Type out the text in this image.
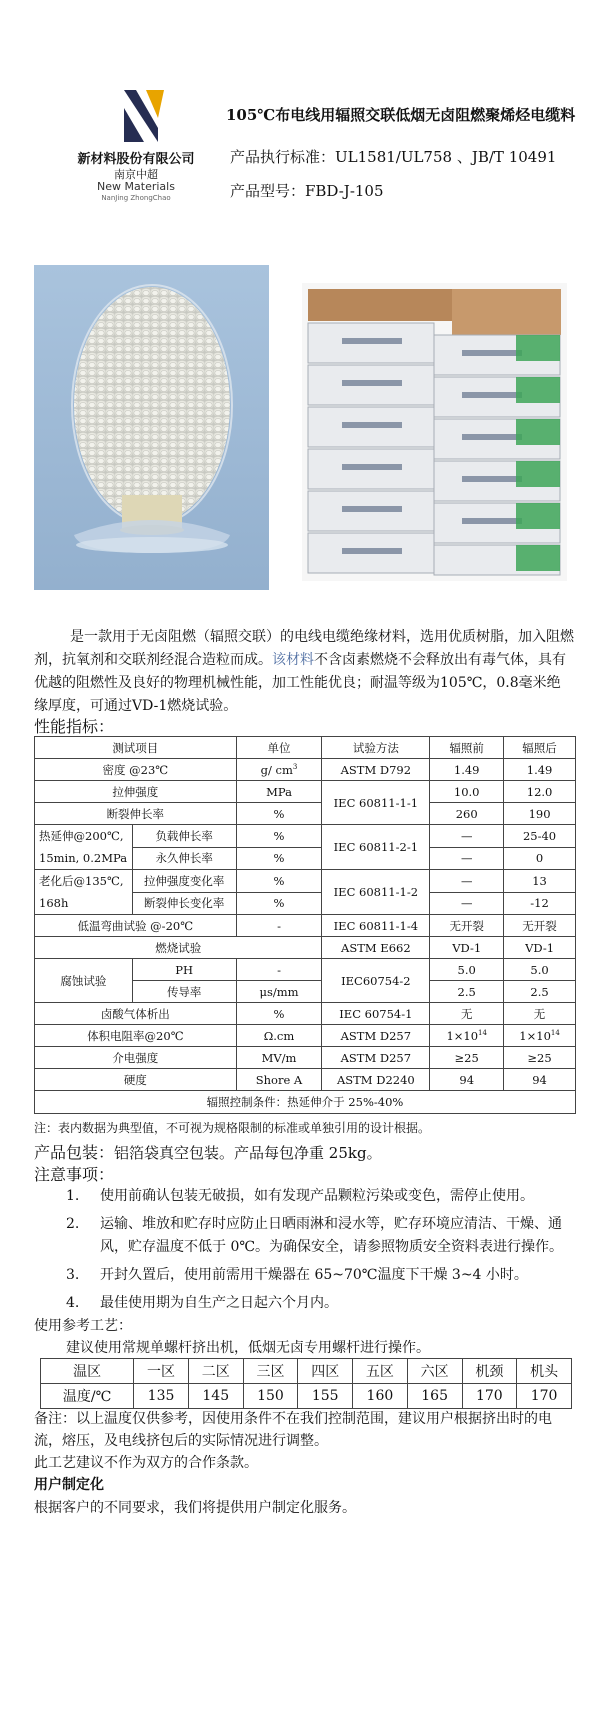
新材料股份有限公司
南京中超
New Materials
NanJing ZhongChao
105℃布电线用辐照交联低烟无卤阻燃聚烯烃电缆料
产品执行标准：UL1581/UL758 、JB/T 10491
产品型号：FBD-J-105
是一款用于无卤阻燃（辐照交联）的电线电缆绝缘材料，选用优质树脂，加入阻燃剂，抗氧剂和交联剂经混合造粒而成。该材料不含卤素燃烧不会释放出有毒气体，具有优越的阻燃性及良好的物理机械性能，加工性能优良；耐温等级为105℃，0.8毫米绝缘厚度，可通过VD-1燃烧试验。
性能指标：
测试项目		单位	试验方法	辐照前	辐照后
密度 @23℃		g/ $cm^3$	ASTM D792	1.49	1.49
拉伸强度		MPa	IEC 60811-1-1	10.0	12.0
断裂伸长率		%		260	190
热延伸@200℃, 15min, 0.2MPa	负载伸长率	%	IEC 60811-2-1	—	25-40
	永久伸长率	%		—	0
老化后@135℃, 168h	拉伸强度变化率	%	IEC 60811-1-2	—	13
	断裂伸长变化率	%		—	-12
低温弯曲试验 @-20℃		-	IEC 60811-1-4	无开裂	无开裂
燃烧试验			ASTM E662	VD-1	VD-1
腐蚀试验	PH	-	IEC60754-2	5.0	5.0
	传导率	μs/mm		2.5	2.5
卤酸气体析出		%	IEC 60754-1	无	无
体积电阻率@20℃		Ω.cm	ASTM D257	$1\times 10^{14}$	$1\times 10^{14}$
介电强度		MV/m	ASTM D257	≥25	≥25
硬度		Shore A	ASTM D2240	94	94
辐照控制条件：热延伸介于 25%-40%					
注：表内数据为典型值，不可视为规格限制的标准或单独引用的设计根据。
产品包装：铝箔袋真空包装。产品每包净重 25kg。
注意事项：
1. 使用前确认包装无破损，如有发现产品颗粒污染或变色，需停止使用。
2. 运输、堆放和贮存时应防止日晒雨淋和浸水等，贮存环境应清洁、干燥、通风，贮存温度不低于 0℃。为确保安全，请参照物质安全资料表进行操作。
3. 开封久置后，使用前需用干燥器在 65~70℃温度下干燥 3~4 小时。
4. 最佳使用期为自生产之日起六个月内。
使用参考工艺：
建议使用常规单螺杆挤出机，低烟无卤专用螺杆进行操作。
温区	一区	二区	三区	四区	五区	六区	机颈	机头
温度/℃	135	145	150	155	160	165	170	170
备注：以上温度仅供参考，因使用条件不在我们控制范围，建议用户根据挤出时的电流，熔压，及电线挤包后的实际情况进行调整。
此工艺建议不作为双方的合作条款。
用户制定化
根据客户的不同要求，我们将提供用户制定化服务。
